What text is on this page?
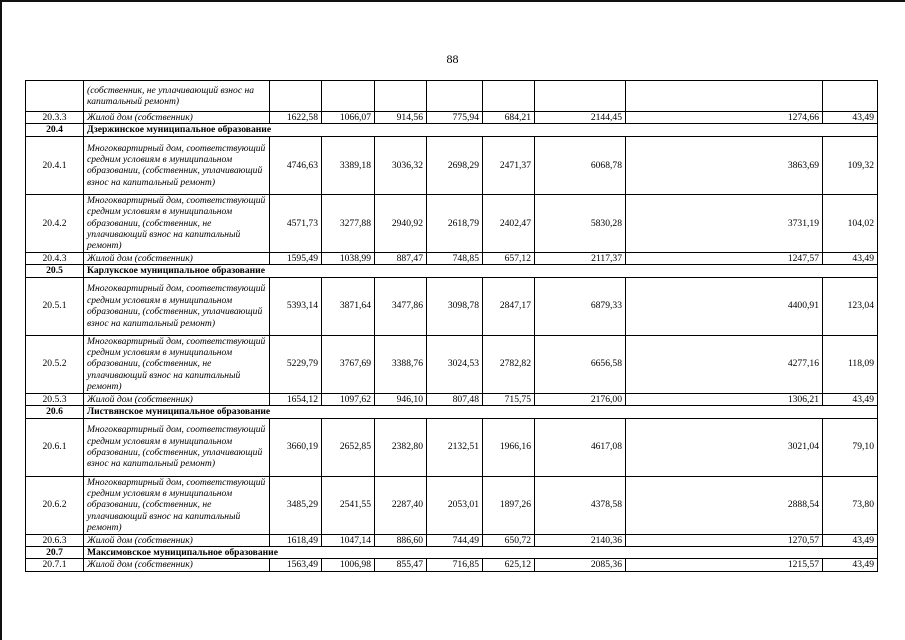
88
	(собственник, не уплачивающий взнос на капитальный ремонт)								
20.3.3	Жилой дом (собственник)	1622,58	1066,07	914,56	775,94	684,21	2144,45	1274,66	43,49
20.4	Дзержинское муниципальное образование								
20.4.1	Многоквартирный дом, соответствующий средним условиям в муниципальном образовании, (собственник, уплачивающий взнос на капитальный ремонт)	4746,63	3389,18	3036,32	2698,29	2471,37	6068,78	3863,69	109,32
20.4.2	Многоквартирный дом, соответствующий средним условиям в муниципальном образовании, (собственник, не уплачивающий взнос на капитальный ремонт)	4571,73	3277,88	2940,92	2618,79	2402,47	5830,28	3731,19	104,02
20.4.3	Жилой дом (собственник)	1595,49	1038,99	887,47	748,85	657,12	2117,37	1247,57	43,49
20.5	Карлукское муниципальное образование								
20.5.1	Многоквартирный дом, соответствующий средним условиям в муниципальном образовании, (собственник, уплачивающий взнос на капитальный ремонт)	5393,14	3871,64	3477,86	3098,78	2847,17	6879,33	4400,91	123,04
20.5.2	Многоквартирный дом, соответствующий средним условиям в муниципальном образовании, (собственник, не уплачивающий взнос на капитальный ремонт)	5229,79	3767,69	3388,76	3024,53	2782,82	6656,58	4277,16	118,09
20.5.3	Жилой дом (собственник)	1654,12	1097,62	946,10	807,48	715,75	2176,00	1306,21	43,49
20.6	Листвянское муниципальное образование								
20.6.1	Многоквартирный дом, соответствующий средним условиям в муниципальном образовании, (собственник, уплачивающий взнос на капитальный ремонт)	3660,19	2652,85	2382,80	2132,51	1966,16	4617,08	3021,04	79,10
20.6.2	Многоквартирный дом, соответствующий средним условиям в муниципальном образовании, (собственник, не уплачивающий взнос на капитальный ремонт)	3485,29	2541,55	2287,40	2053,01	1897,26	4378,58	2888,54	73,80
20.6.3	Жилой дом (собственник)	1618,49	1047,14	886,60	744,49	650,72	2140,36	1270,57	43,49
20.7	Максимовское муниципальное образование								
20.7.1	Жилой дом (собственник)	1563,49	1006,98	855,47	716,85	625,12	2085,36	1215,57	43,49
